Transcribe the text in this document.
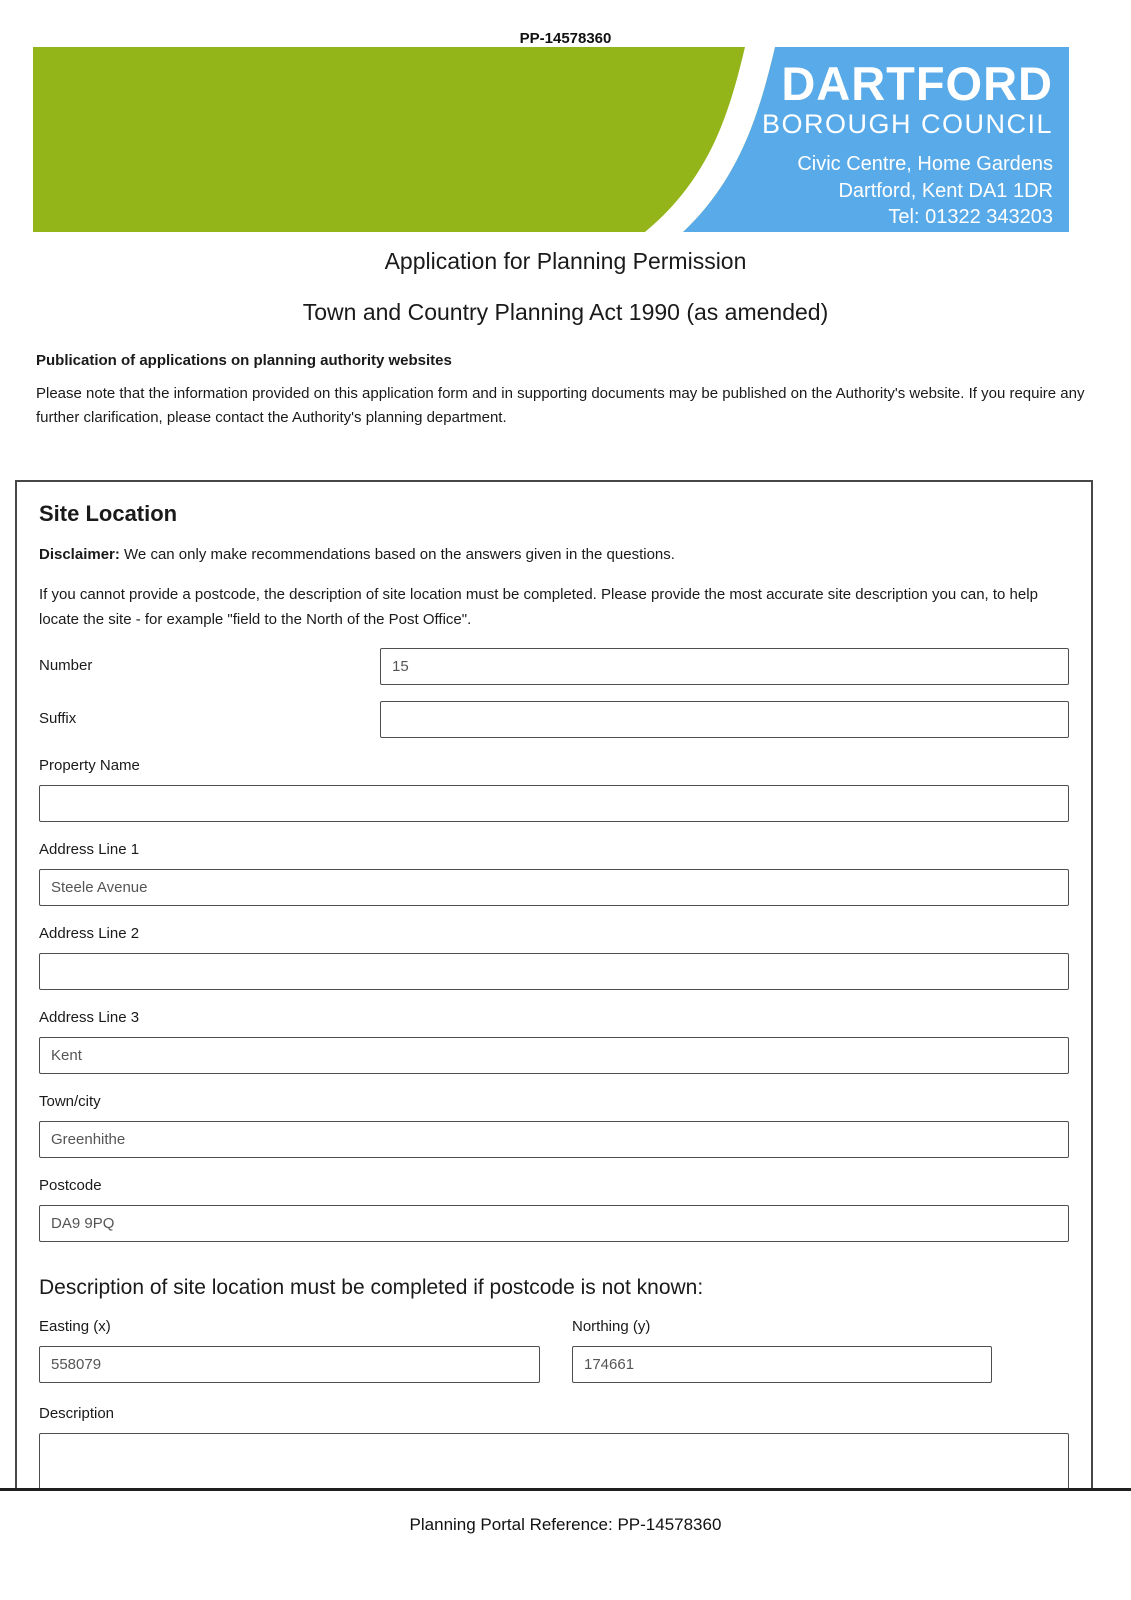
PP-14578360
DARTFORD
BOROUGH COUNCIL
Civic Centre, Home Gardens
Dartford, Kent DA1 1DR
Tel: 01322 343203
Application for Planning Permission
Town and Country Planning Act 1990 (as amended)
Publication of applications on planning authority websites

Please note that the information provided on this application form and in supporting documents may be published on the Authority's website. If you require any further clarification, please contact the Authority's planning department.

Site Location

Disclaimer: We can only make recommendations based on the answers given in the questions.

If you cannot provide a postcode, the description of site location must be completed. Please provide the most accurate site description you can, to help locate the site - for example "field to the North of the Post Office".

Number
15
Suffix
Property Name
Address Line 1
Steele Avenue
Address Line 2
Address Line 3
Kent
Town/city
Greenhithe
Postcode
DA9 9PQ
Description of site location must be completed if postcode is not known:
Easting (x)
558079	Northing (y)
174661
Description
Planning Portal Reference: PP-14578360
